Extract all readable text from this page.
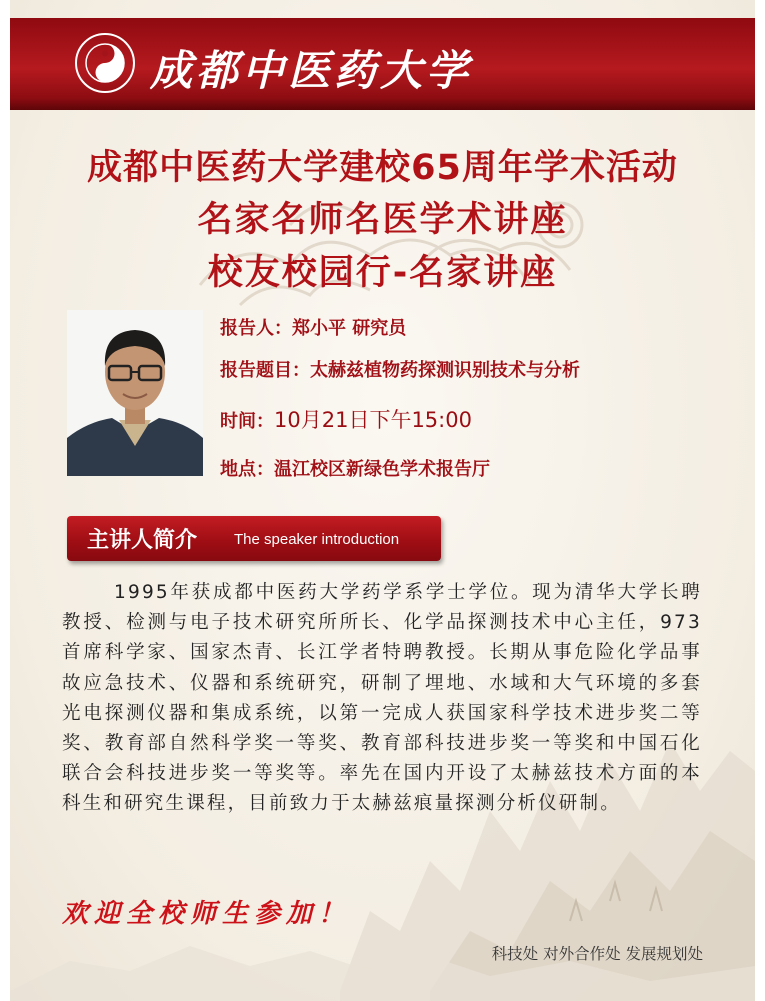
成都中医药大学
成都中医药大学建校65周年学术活动
名家名师名医学术讲座
校友校园行-名家讲座
报告人：郑小平 研究员
报告题目：太赫兹植物药探测识别技术与分析
时间：10月21日下午15:00
地点：温江校区新绿色学术报告厅
主讲人简介 The speaker introduction
1995年获成都中医药大学药学系学士学位。现为清华大学长聘教授、检测与电子技术研究所所长、化学品探测技术中心主任，973首席科学家、国家杰青、长江学者特聘教授。长期从事危险化学品事故应急技术、仪器和系统研究，研制了埋地、水域和大气环境的多套光电探测仪器和集成系统，以第一完成人获国家科学技术进步奖二等奖、教育部自然科学奖一等奖、教育部科技进步奖一等奖和中国石化联合会科技进步奖一等奖等。率先在国内开设了太赫兹技术方面的本科生和研究生课程，目前致力于太赫兹痕量探测分析仪研制。
欢迎全校师生参加！
科技处 对外合作处 发展规划处
